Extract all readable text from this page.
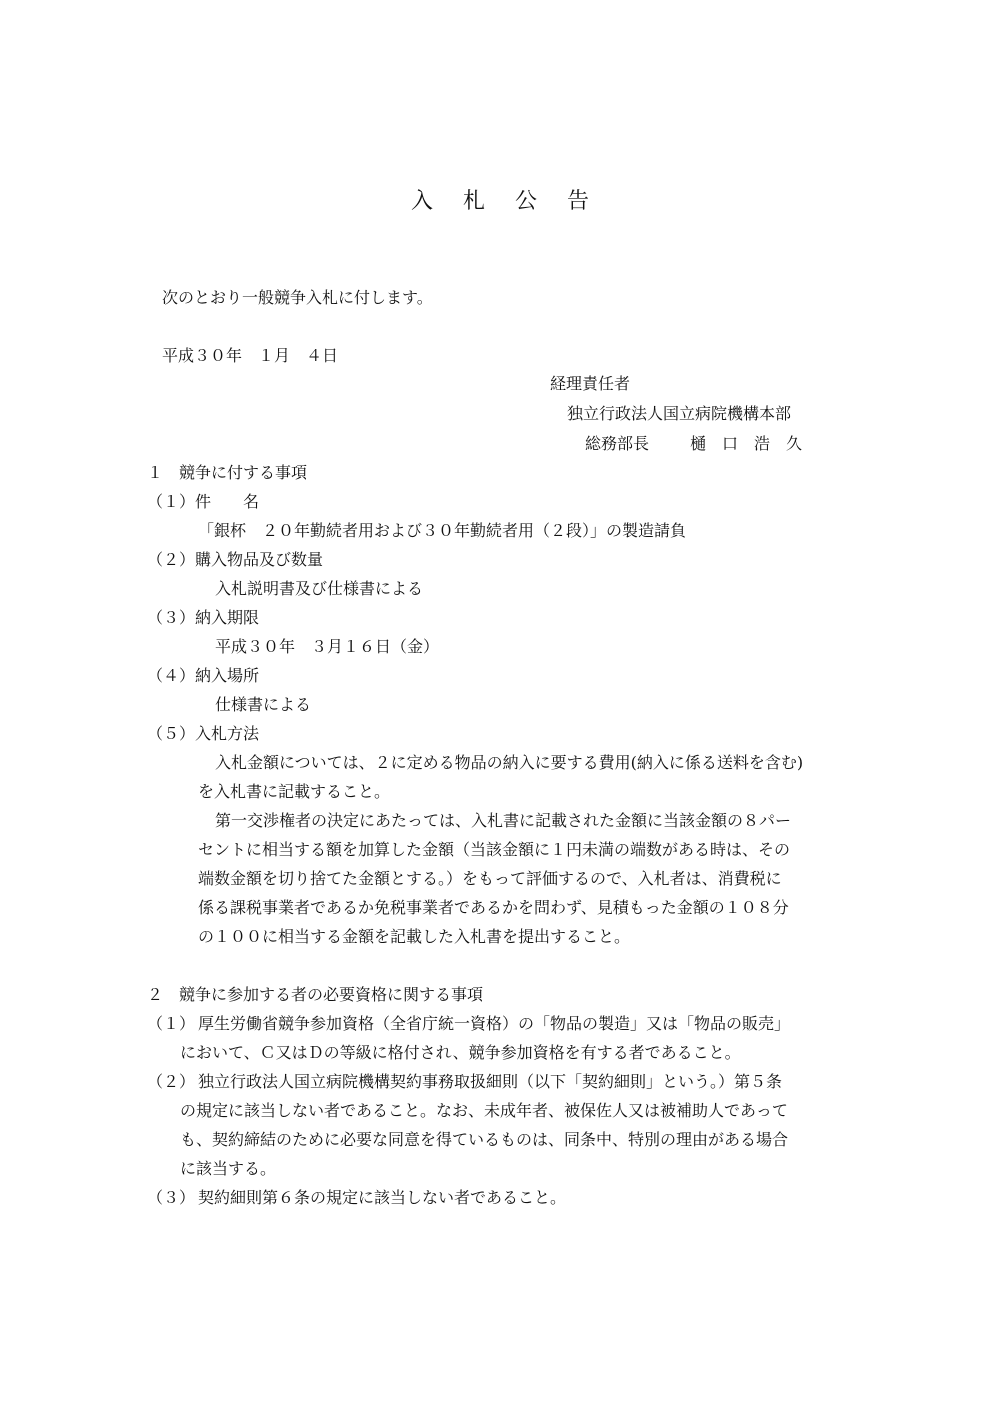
入 札 公 告
次のとおり一般競争入札に付します。
平成３０年　１月　４日
経理責任者
独立行政法人国立病院機構本部
総務部長	樋　口　浩　久
１　競争に付する事項
（１）件　　名
「銀杯　２０年勤続者用および３０年勤続者用（２段）」の製造請負
（２）購入物品及び数量
入札説明書及び仕様書による
（３）納入期限
平成３０年　３月１６日（金）
（４）納入場所
仕様書による
（５）入札方法
入札金額については、２に定める物品の納入に要する費用(納入に係る送料を含む)
を入札書に記載すること。
第一交渉権者の決定にあたっては、入札書に記載された金額に当該金額の８パー
セントに相当する額を加算した金額（当該金額に１円未満の端数がある時は、その
端数金額を切り捨てた金額とする。）をもって評価するので、入札者は、消費税に
係る課税事業者であるか免税事業者であるかを問わず、見積もった金額の１０８分
の１００に相当する金額を記載した入札書を提出すること。
２　競争に参加する者の必要資格に関する事項
（１） 厚生労働省競争参加資格（全省庁統一資格）の「物品の製造」又は「物品の販売」
において、Ｃ又はＤの等級に格付され、競争参加資格を有する者であること。
（２） 独立行政法人国立病院機構契約事務取扱細則（以下「契約細則」という。）第５条
の規定に該当しない者であること。なお、未成年者、被保佐人又は被補助人であって
も、契約締結のために必要な同意を得ているものは、同条中、特別の理由がある場合
に該当する。
（３） 契約細則第６条の規定に該当しない者であること。
